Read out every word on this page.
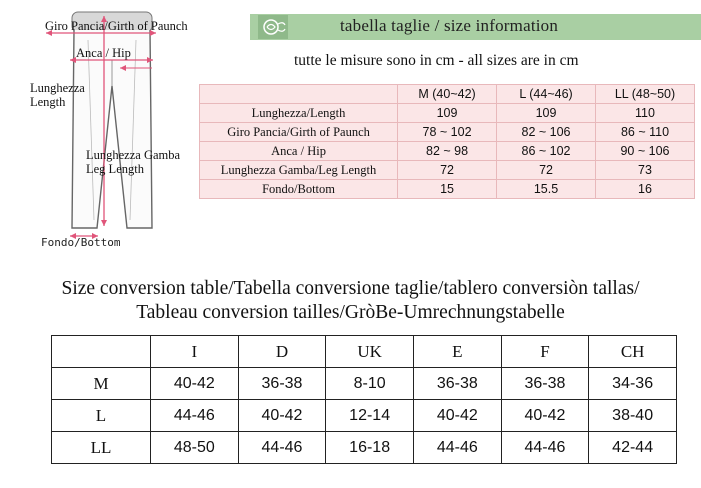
tabella taglie / size information
tutte le misure sono in cm - all sizes are in cm
Giro Pancia/Girth of Paunch
Anca / Hip
Lunghezza
Length
Lunghezza Gamba
Leg Length
Fondo/Bottom
	M (40~42)	L (44~46)	LL (48~50)
Lunghezza/Length	109	109	110
Giro Pancia/Girth of Paunch	78 ~ 102	82 ~ 106	86 ~ 110
Anca / Hip	82 ~ 98	86 ~ 102	90 ~ 106
Lunghezza Gamba/Leg Length	72	72	73
Fondo/Bottom	15	15.5	16
Size conversion table/Tabella conversione taglie/tablero conversiòn tallas/
Tableau conversion tailles/GròBe-Umrechnungstabelle
	I	D	UK	E	F	CH
M	40-42	36-38	8-10	36-38	36-38	34-36
L	44-46	40-42	12-14	40-42	40-42	38-40
LL	48-50	44-46	16-18	44-46	44-46	42-44
